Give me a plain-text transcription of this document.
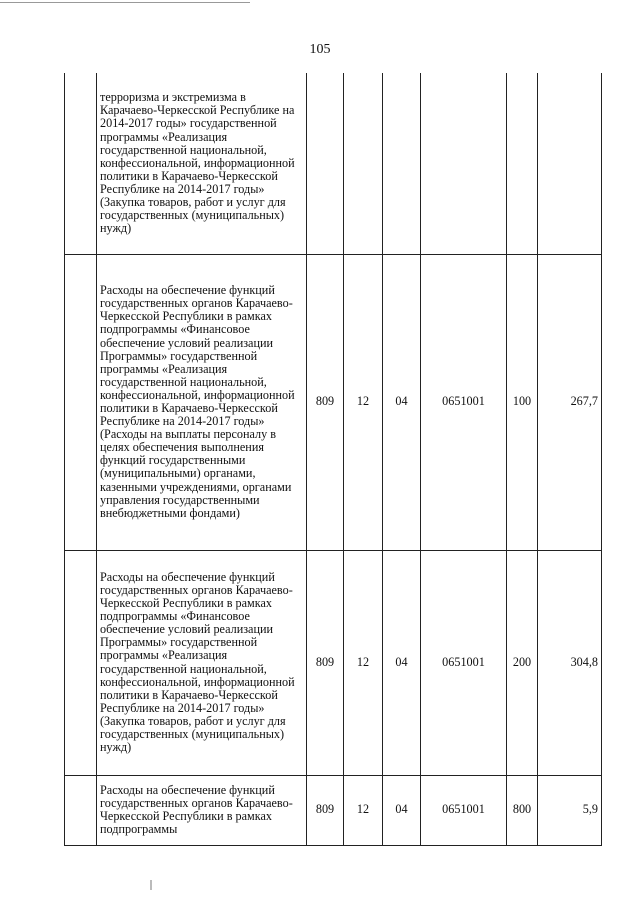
105
	терроризма и экстремизма в Карачаево-Черкесской Республике на 2014-2017 годы» государственной программы «Реализация государственной национальной, конфессиональной, информационной политики в Карачаево-Черкесской Республике на 2014-2017 годы» (Закупка товаров, работ и услуг для государственных (муниципальных) нужд)						
	Расходы на обеспечение функций государственных органов Карачаево-Черкесской Республики в рамках подпрограммы «Финансовое обеспечение условий реализации Программы» государственной программы «Реализация государственной национальной, конфессиональной, информационной политики в Карачаево-Черкесской Республике на 2014-2017 годы» (Расходы на выплаты персоналу в целях обеспечения выполнения функций государственными (муниципальными) органами, казенными учреждениями, органами управления государственными внебюджетными фондами)	809	12	04	0651001	100	267,7
	Расходы на обеспечение функций государственных органов Карачаево-Черкесской Республики в рамках подпрограммы «Финансовое обеспечение условий реализации Программы» государственной программы «Реализация государственной национальной, конфессиональной, информационной политики в Карачаево-Черкесской Республике на 2014-2017 годы» (Закупка товаров, работ и услуг для государственных (муниципальных) нужд)	809	12	04	0651001	200	304,8
	Расходы на обеспечение функций государственных органов Карачаево-Черкесской Республики в рамках подпрограммы	809	12	04	0651001	800	5,9
